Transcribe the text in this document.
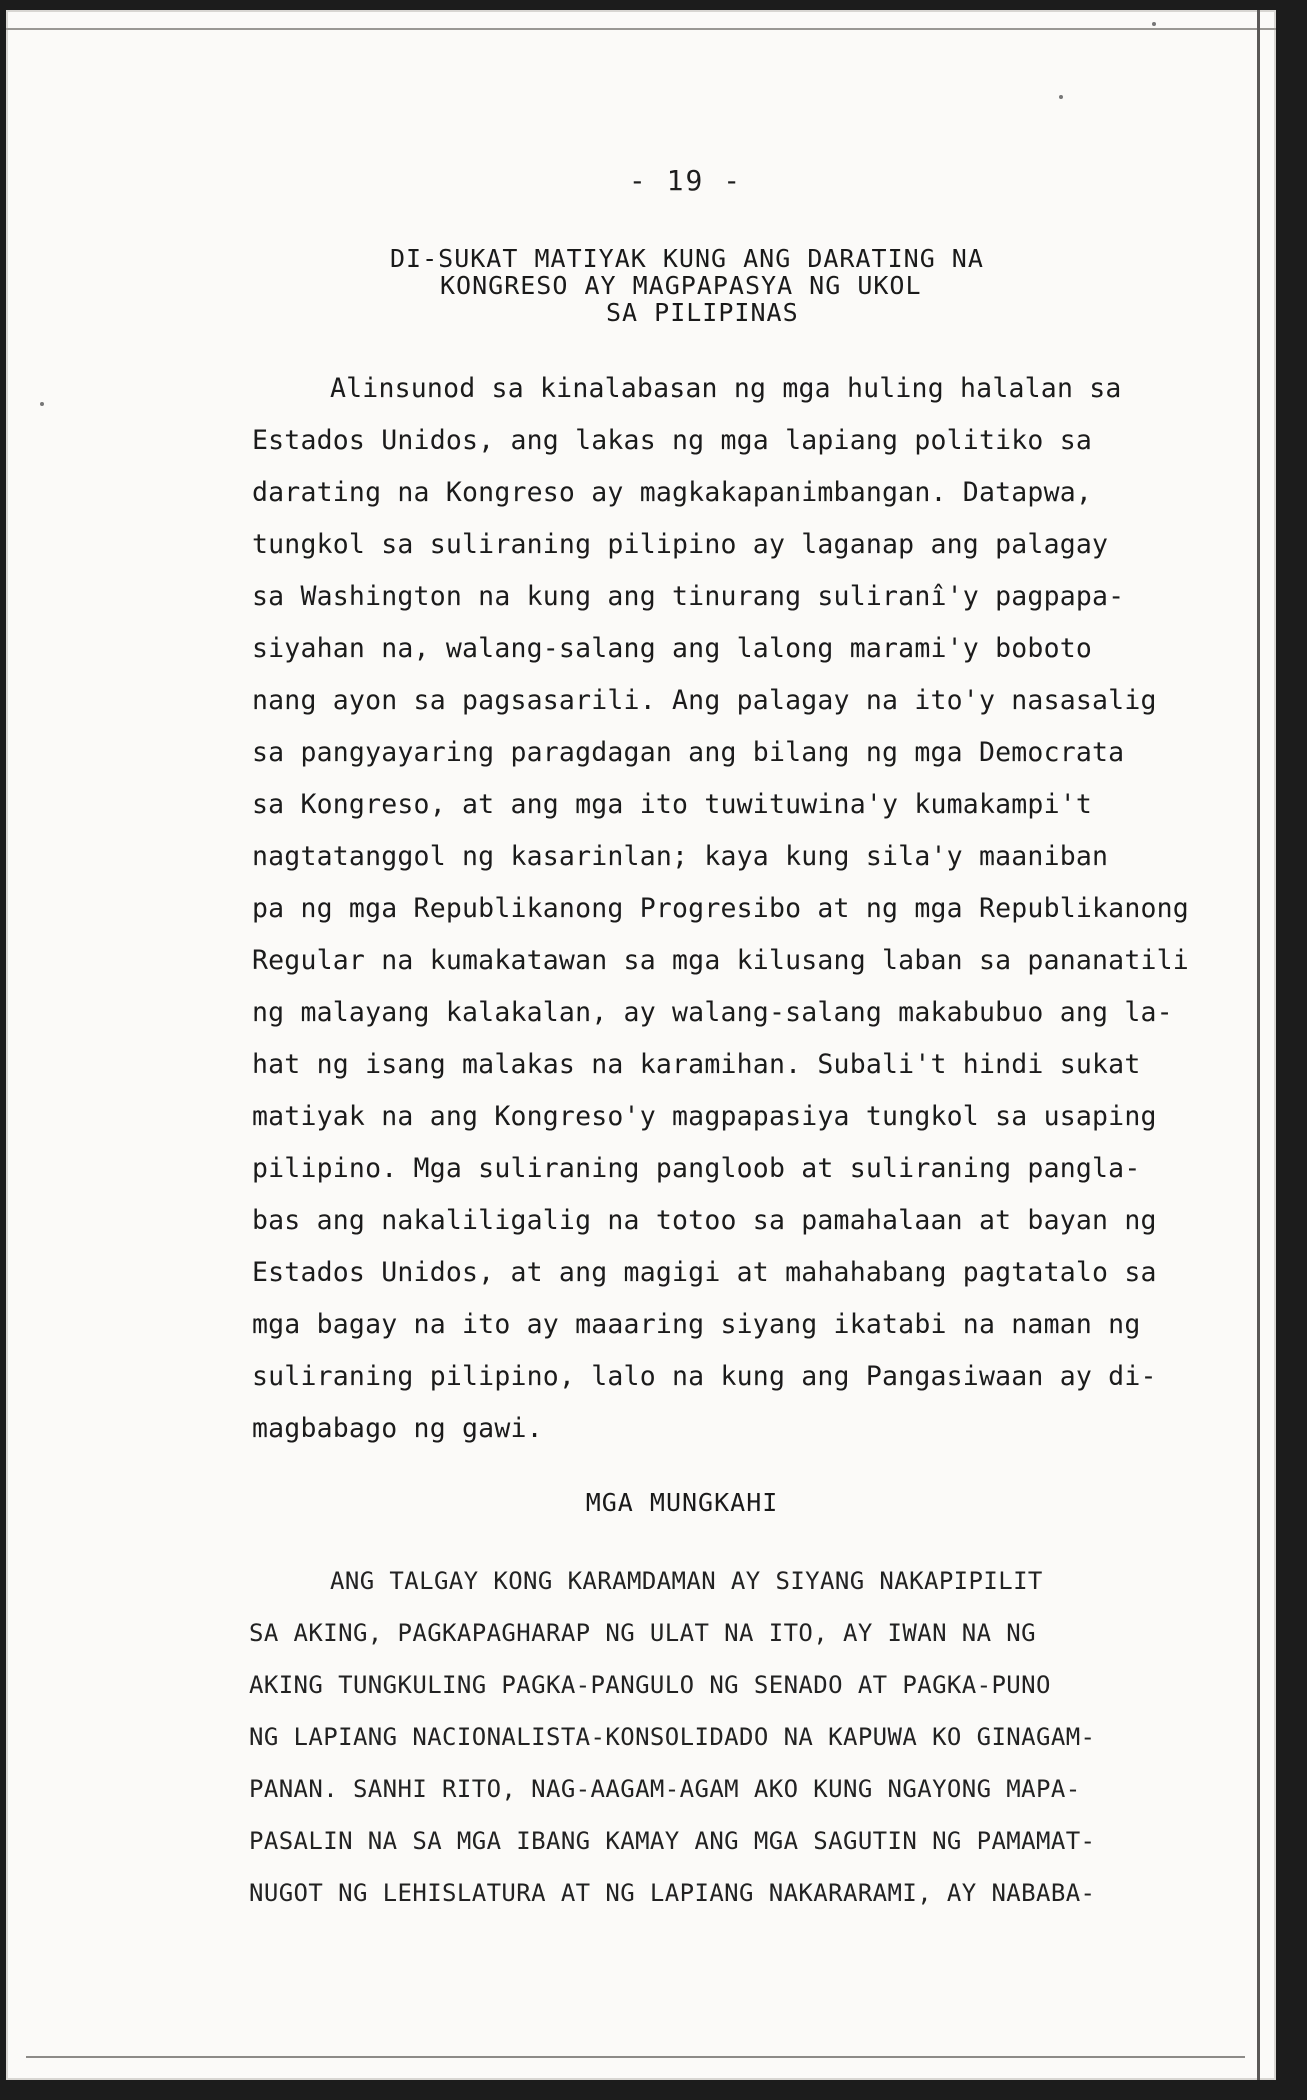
- 19 -
DI-SUKAT MATIYAK KUNG ANG DARATING NA
KONGRESO AY MAGPAPASYA NG UKOL
SA PILIPINAS
Alinsunod sa kinalabasan ng mga huling halalan sa
Estados Unidos, ang lakas ng mga lapiang politiko sa
darating na Kongreso ay magkakapanimbangan. Datapwa,
tungkol sa suliraning pilipino ay laganap ang palagay
sa Washington na kung ang tinurang suliranî'y pagpapa-
siyahan na, walang-salang ang lalong marami'y boboto
nang ayon sa pagsasarili. Ang palagay na ito'y nasasalig
sa pangyayaring paragdagan ang bilang ng mga Democrata
sa Kongreso, at ang mga ito tuwituwina'y kumakampi't
nagtatanggol ng kasarinlan; kaya kung sila'y maaniban
pa ng mga Republikanong Progresibo at ng mga Republikanong
Regular na kumakatawan sa mga kilusang laban sa pananatili
ng malayang kalakalan, ay walang-salang makabubuo ang la-
hat ng isang malakas na karamihan. Subali't hindi sukat
matiyak na ang Kongreso'y magpapasiya tungkol sa usaping
pilipino. Mga suliraning pangloob at suliraning pangla-
bas ang nakaliligalig na totoo sa pamahalaan at bayan ng
Estados Unidos, at ang magigi at mahahabang pagtatalo sa
mga bagay na ito ay maaaring siyang ikatabi na naman ng
suliraning pilipino, lalo na kung ang Pangasiwaan ay di-
magbabago ng gawi.
MGA MUNGKAHI
ANG TALGAY KONG KARAMDAMAN AY SIYANG NAKAPIPILIT
SA AKING, PAGKAPAGHARAP NG ULAT NA ITO, AY IWAN NA NG
AKING TUNGKULING PAGKA-PANGULO NG SENADO AT PAGKA-PUNO
NG LAPIANG NACIONALISTA-KONSOLIDADO NA KAPUWA KO GINAGAM-
PANAN. SANHI RITO, NAG-AAGAM-AGAM AKO KUNG NGAYONG MAPA-
PASALIN NA SA MGA IBANG KAMAY ANG MGA SAGUTIN NG PAMAMAT-
NUGOT NG LEHISLATURA AT NG LAPIANG NAKARARAMI, AY NABABA-
